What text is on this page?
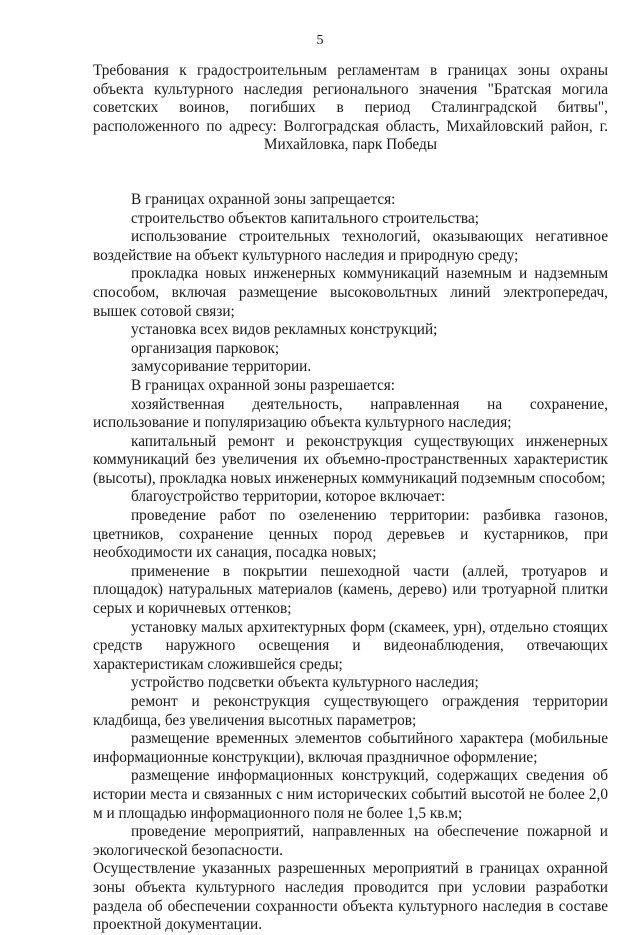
5

Требования к градостроительным регламентам в границах зоны охраны объекта культурного наследия регионального значения "Братская могила советских воинов, погибших в период Сталинградской битвы", расположенного по адресу: Волгоградская область, Михайловский район, г. Михайловка, парк Победы

В границах охранной зоны запрещается:

строительство объектов капитального строительства;

использование строительных технологий, оказывающих негативное воздействие на объект культурного наследия и природную среду;

прокладка новых инженерных коммуникаций наземным и надземным способом, включая размещение высоковольтных линий электропередач, вышек сотовой связи;

установка всех видов рекламных конструкций;

организация парковок;

замусоривание территории.

В границах охранной зоны разрешается:

хозяйственная деятельность, направленная на сохранение, использование и популяризацию объекта культурного наследия;

капитальный ремонт и реконструкция существующих инженерных коммуникаций без увеличения их объемно-пространственных характеристик (высоты), прокладка новых инженерных коммуникаций подземным способом;

благоустройство территории, которое включает:

проведение работ по озеленению территории: разбивка газонов, цветников, сохранение ценных пород деревьев и кустарников, при необходимости их санация, посадка новых;

применение в покрытии пешеходной части (аллей, тротуаров и площадок) натуральных материалов (камень, дерево) или тротуарной плитки серых и коричневых оттенков;

установку малых архитектурных форм (скамеек, урн), отдельно стоящих средств наружного освещения и видеонаблюдения, отвечающих характеристикам сложившейся среды;

устройство подсветки объекта культурного наследия;

ремонт и реконструкция существующего ограждения территории кладбища, без увеличения высотных параметров;

размещение временных элементов событийного характера (мобильные информационные конструкции), включая праздничное оформление;

размещение информационных конструкций, содержащих сведения об истории места и связанных с ним исторических событий высотой не более 2,0 м и площадью информационного поля не более 1,5 кв.м;

проведение мероприятий, направленных на обеспечение пожарной и экологической безопасности.

Осуществление указанных разрешенных мероприятий в границах охранной зоны объекта культурного наследия проводится при условии разработки раздела об обеспечении сохранности объекта культурного наследия в составе проектной документации.
